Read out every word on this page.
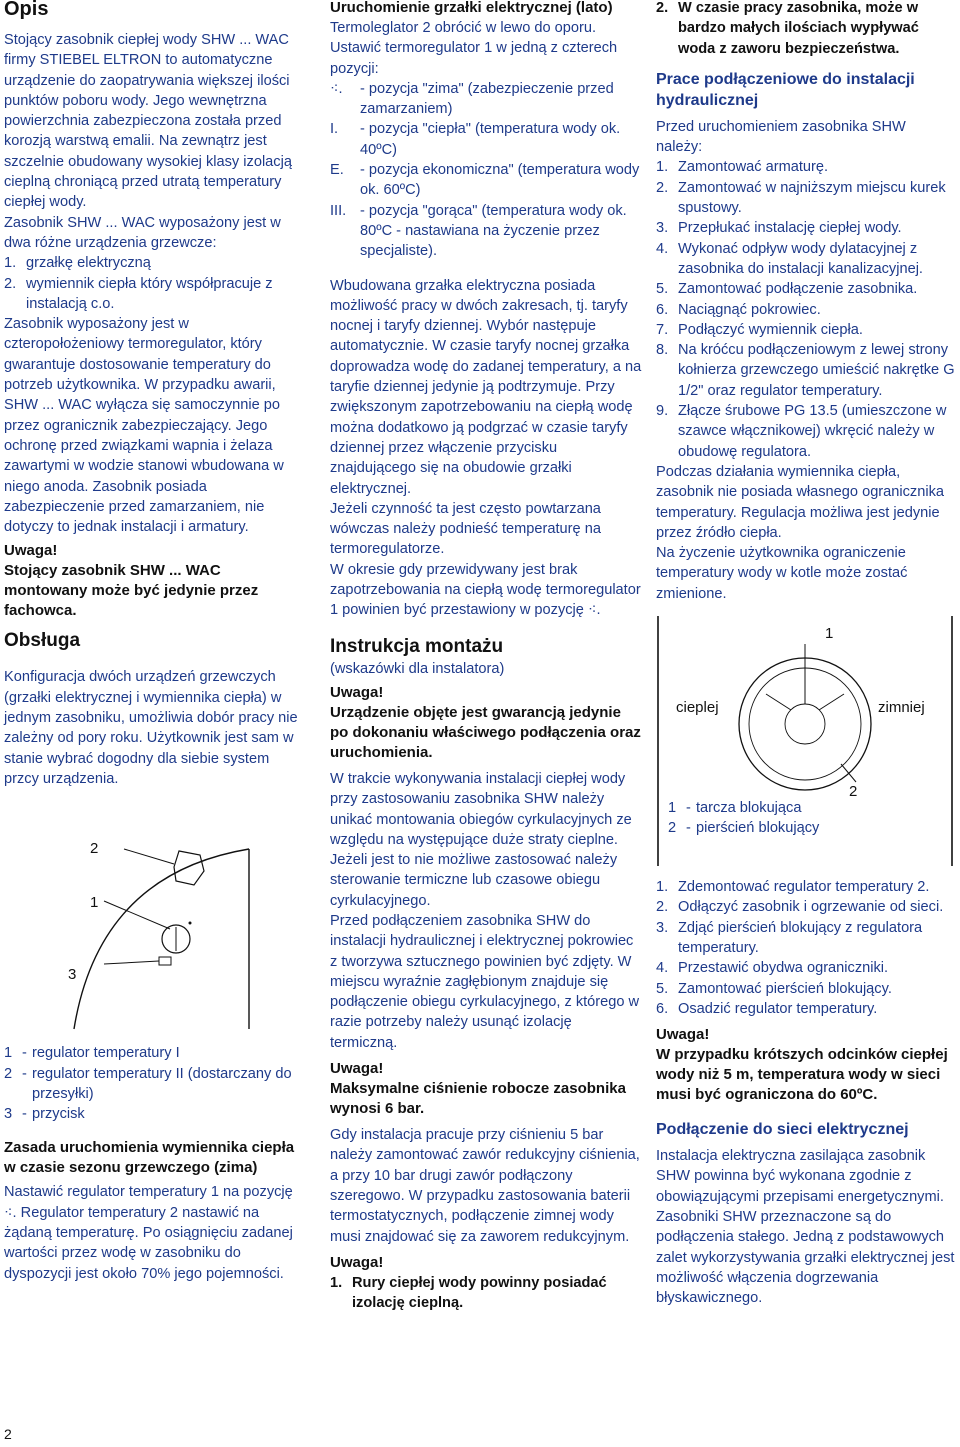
Opis

Stojący zasobnik ciepłej wody SHW ... WAC firmy STIEBEL ELTRON to automatyczne urządzenie do zaopatrywania większej ilości punktów poboru wody. Jego wewnętrzna powierzchnia zabezpieczona została przed korozją warstwą emalii. Na zewnątrz jest szczelnie obudowany wysokiej klasy izolacją cieplną chroniącą przed utratą temperatury ciepłej wody.

Zasobnik SHW ... WAC wyposażony jest w dwa różne urządzenia grzewcze:

1. grzałkę elektryczną
2. wymiennik ciepła który współpracuje z instalacją c.o.

Zasobnik wyposażony jest w czteropołożeniowy termoregulator, który gwarantuje dostosowanie temperatury do potrzeb użytkownika. W przypadku awarii, SHW ... WAC wyłącza się samoczynnie po przez ogranicznik zabezpieczający. Jego ochronę przed związkami wapnia i żelaza zawartymi w wodzie stanowi wbudowana w niego anoda. Zasobnik posiada zabezpieczenie przed zamarzaniem, nie dotyczy to jednak instalacji i armatury.

Uwaga!

Stojący zasobnik SHW ... WAC montowany może być jedynie przez fachowca.

Obsługa

Konfiguracja dwóch urządzeń grzewczych (grzałki elektrycznej i wymiennika ciepła) w jednym zasobniku, umożliwia dobór pracy nie zależny od pory roku. Użytkownik jest sam w stanie wybrać dogodny dla siebie system przcy urządzenia.

2
1
3
1 - regulator temperatury I
2 - regulator temperatury II (dostarczany do przesyłki)
3 - przycisk

Zasada uruchomienia wymiennika ciepła w czasie sezonu grzewczego (zima)

Nastawić regulator temperatury 1 na pozycję ⁖. Regulator temperatury 2 nastawić na żądaną temperaturę. Po osiągnięciu zadanej wartości przez wodę w zasobniku do dyspozycji jest około 70% jego pojemności.

Uruchomienie grzałki elektrycznej (lato)

Termoleglator 2 obrócić w lewo do oporu. Ustawić termoregulator 1 w jedną z czterech pozycji:

⁖.	- pozycja "zima" (zabezpieczenie przed zamarzaniem)
I.	- pozycja "ciepła" (temperatura wody ok. 40ºC)
E.	- pozycja ekonomiczna" (temperatura wody ok. 60ºC)
III. - pozycja "gorąca" (temperatura wody ok. 80ºC - nastawiana na życzenie przez specjaliste).

Wbudowana grzałka elektryczna posiada możliwość pracy w dwóch zakresach, tj. taryfy nocnej i taryfy dziennej. Wybór następuje automatycznie. W czasie taryfy nocnej grzałka doprowadza wodę do zadanej temperatury, a na taryfie dziennej jedynie ją podtrzymuje. Przy zwiększonym zapotrzebowaniu na ciepłą wodę można dodatkowo ją podgrzać w czasie taryfy dziennej przez włączenie przycisku znajdującego się na obudowie grzałki elektrycznej.

Jeżeli czynność ta jest często powtarzana wówczas należy podnieść temperaturę na termoregulatorze.

W okresie gdy przewidywany jest brak zapotrzebowania na ciepłą wodę termoregulator 1 powinien być przestawiony w pozycję ⁖.

Instrukcja montażu

(wskazówki dla instalatora)

Uwaga!

Urządzenie objęte jest gwarancją jedynie po dokonaniu właściwego podłączenia oraz uruchomienia.

W trakcie wykonywania instalacji ciepłej wody przy zastosowaniu zasobnika SHW należy unikać montowania obiegów cyrkulacyjnych ze względu na występujące duże straty cieplne. Jeżeli jest to nie możliwe zastosować należy sterowanie termiczne lub czasowe obiegu cyrkulacyjnego.

Przed podłączeniem zasobnika SHW do instalacji hydraulicznej i elektrycznej pokrowiec z tworzywa sztucznego powinien być zdjęty. W miejscu wyraźnie zagłębionym znajduje się podłączenie obiegu cyrkulacyjnego, z którego w razie potrzeby należy usunąć izolację termiczną.

Uwaga!

Maksymalne ciśnienie robocze zasobnika wynosi 6 bar.

Gdy instalacja pracuje przy ciśnieniu 5 bar należy zamontować zawór redukcyjny ciśnienia, a przy 10 bar drugi zawór podłączony szeregowo. W przypadku zastosowania baterii termostatycznych, podłączenie zimnej wody musi znajdować się za zaworem redukcyjnym.

Uwaga!

1. Rury ciepłej wody powinny posiadać izolację cieplną.
2. W czasie pracy zasobnika, może w bardzo małych ilościach wypływać woda z zaworu bezpieczeństwa.

Prace podłączeniowe do instalacji hydraulicznej

Przed uruchomieniem zasobnika SHW należy:

1. Zamontować armaturę.
2. Zamontować w najniższym miejscu kurek spustowy.
3. Przepłukać instalację ciepłej wody.
4. Wykonać odpływ wody dylatacyjnej z zasobnika do instalacji kanalizacyjnej.
5. Zamontować podłączenie zasobnika.
6. Naciągnąć pokrowiec.
7. Podłączyć wymiennik ciepła.
8. Na króćcu podłączeniowym z lewej strony kołnierza grzewczego umieścić nakrętke G 1/2" oraz regulator temperatury.
9. Złącze śrubowe PG 13.5 (umieszczone w szawce włącznikowej) wkręcić należy w obudowę regulatora.

Podczas działania wymiennika ciepła, zasobnik nie posiada własnego ogranicznika temperatury. Regulacja możliwa jest jedynie przez źródło ciepła.

Na życzenie użytkownika ograniczenie temperatury wody w kotle może zostać zmienione.

1
cieplej	zimniej
2
1 - tarcza blokująca
2 - pierścień blokujący
1. Zdemontować regulator temperatury 2.
2. Odłączyć zasobnik i ogrzewanie od sieci.
3. Zdjąć pierścień blokujący z regulatora temperatury.
4. Przestawić obydwa ograniczniki.
5. Zamontować pierścień blokujący.
6. Osadzić regulator temperatury.

Uwaga!

W przypadku krótszych odcinków ciepłej wody niż 5 m, temperatura wody w sieci musi być ograniczona do 60ºC.

Podłączenie do sieci elektrycznej

Instalacja elektryczna zasilająca zasobnik SHW powinna być wykonana zgodnie z obowiązującymi przepisami energetycznymi.

Zasobniki SHW przeznaczone są do podłączenia stałego. Jedną z podstawowych zalet wykorzystywania grzałki elektrycznej jest możliwość włączenia dogrzewania błyskawicznego.

2
